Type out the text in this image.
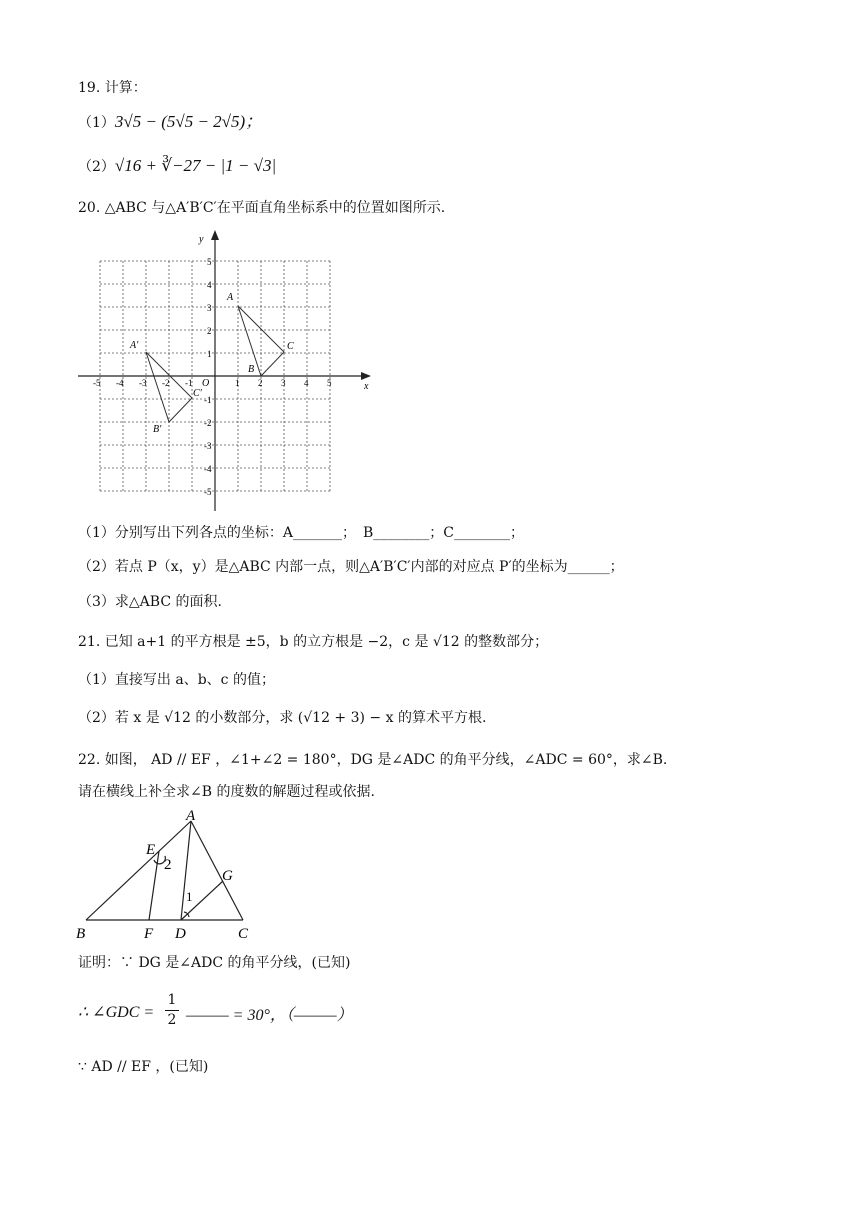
19. 计算：
（1）3√5 − (5√5 − 2√5)；
（2）√16 + ∛−27 − |1 − √3|
20. △ABC 与△A′B′C′在平面直角坐标系中的位置如图所示.
x
y
O
-5 -4 -3 -2 -1	1 2 3 4 5
5
4
3
2
1
-1
-2
-3
-4
-5
A
B
C
A′
B′
C′
（1）分别写出下列各点的坐标：A_______；　B________；C________；
（2）若点 P（x，y）是△ABC 内部一点，则△A′B′C′内部的对应点 P′的坐标为______；
（3）求△ABC 的面积.
21. 已知 a+1 的平方根是 ±5，b 的立方根是 −2，c 是 √12 的整数部分；
（1）直接写出 a、b、c 的值；
（2）若 x 是 √12 的小数部分，求 (√12 + 3) − x 的算术平方根.
22. 如图， AD // EF ，∠1+∠2 = 180°，DG 是∠ADC 的角平分线，∠ADC = 60°，求∠B.
请在横线上补全求∠B 的度数的解题过程或依据.
A
E
G
B	F D	C
2
1
证明：∵ DG 是∠ADC 的角平分线，(已知)
∴ ∠GDC =
1
2 ——— = 30°，（———）
∵ AD // EF ，(已知)
